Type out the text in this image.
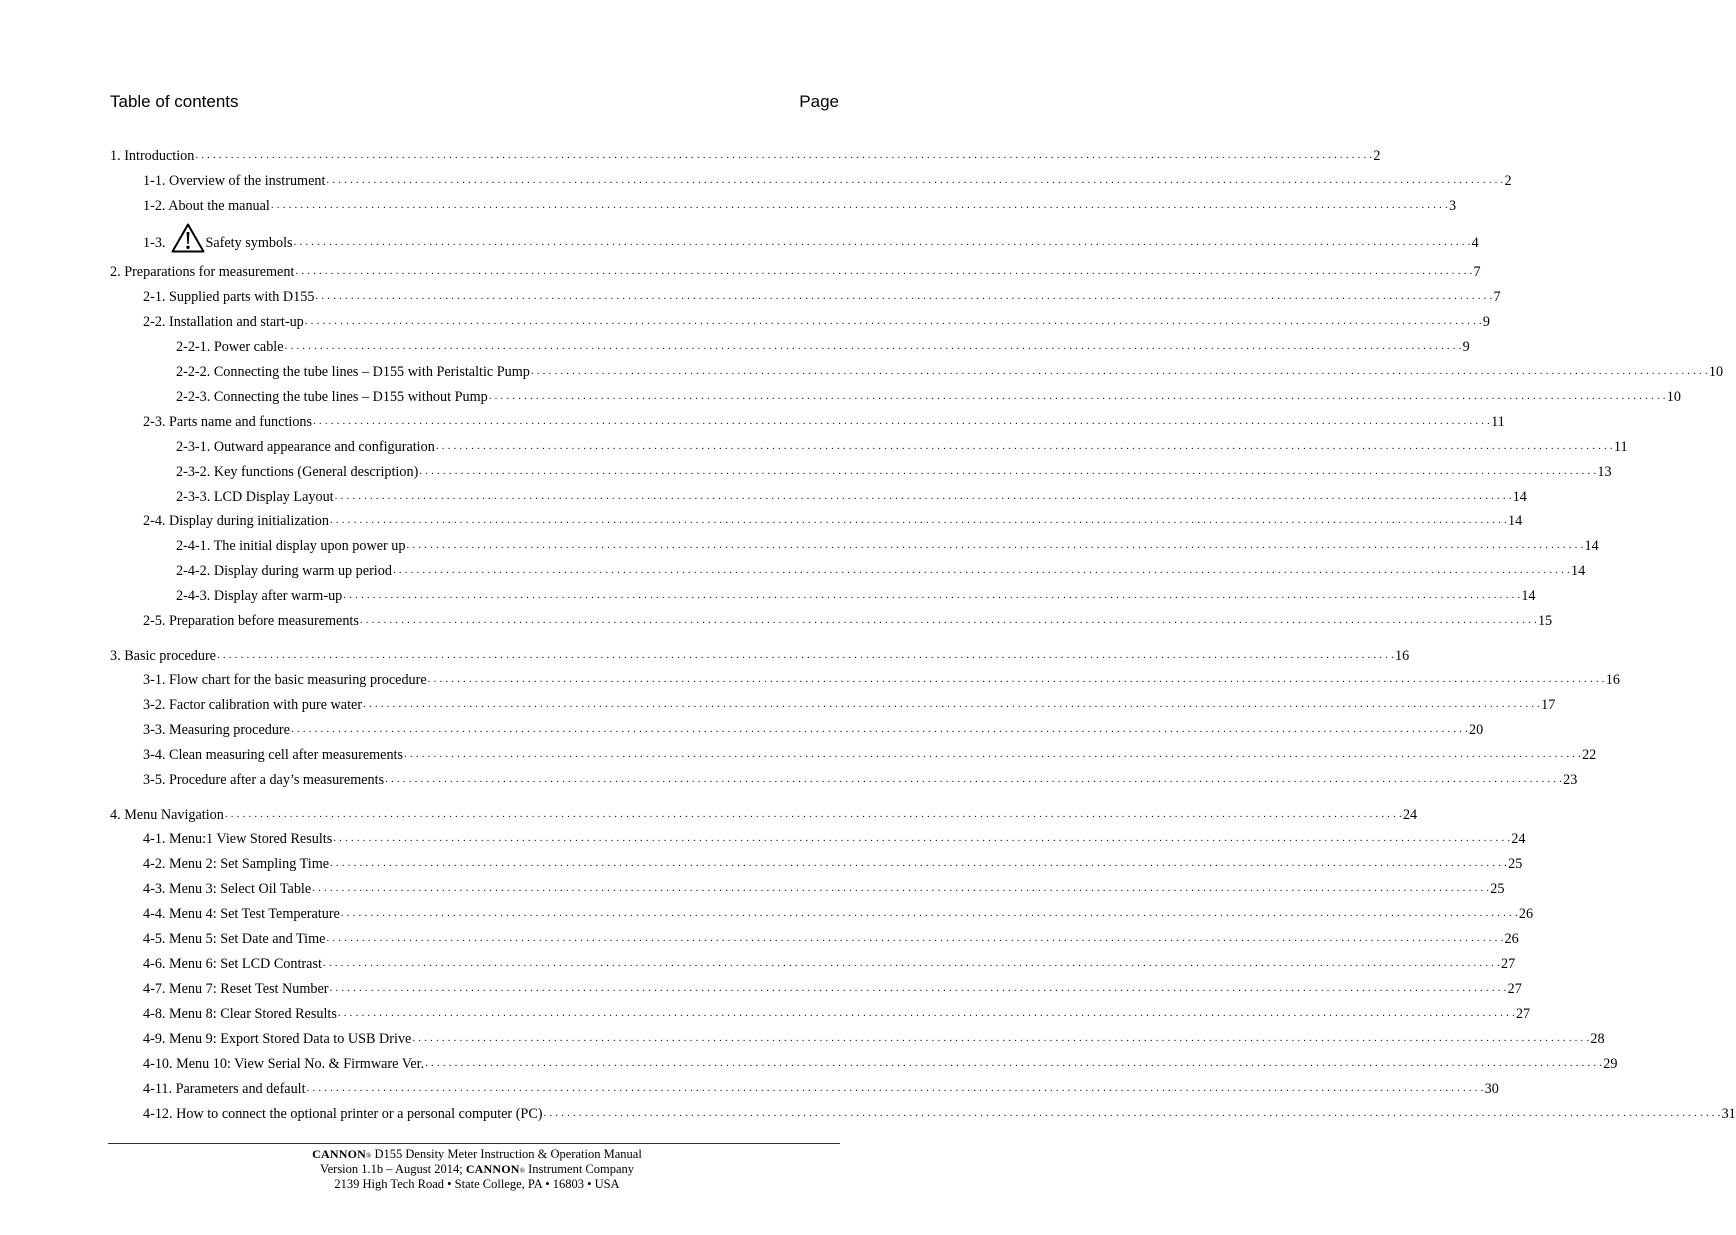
Table of contents	Page
1. Introduction . . . . . . . . . . . . . . . . . . . . . . . . . . . . . . . . . . . . . . . . . . . . . . . . . . . . . . . . . . . . . . . . . . . . . . . . . . . . . . . . . . . . . . . . . . . . . . . . . . . . . . . . . . . . . . . . . . . . . . . . . . . . . . . . . . . . . . . . . . . . . . . . . . . . . . . . . . . . . . . . . . . . . . . . . . . . . . . . . . . . . . . . . . . . . . . . . . . . . . . . 2
1-1. Overview of the instrument . . . . . . . . . . . . . . . . . . . . . . . . . . . . . . . . . . . . . . . . . . . . . . . . . . . . . . . . . . . . . . . . . . . . . . . . . . . . . . . . . . . . . . . . . . . . . . . . . . . . . . . . . . . . . . . . . . . . . . . . . . . . . . . . . . . . . . . . . . . . . . . . . . . . . . . . . . . . . . . . . . . . . . . . . . . . . . . . . . . . . . . . . . . . . . . . . . . . . . . . 2
1-2. About the manual . . . . . . . . . . . . . . . . . . . . . . . . . . . . . . . . . . . . . . . . . . . . . . . . . . . . . . . . . . . . . . . . . . . . . . . . . . . . . . . . . . . . . . . . . . . . . . . . . . . . . . . . . . . . . . . . . . . . . . . . . . . . . . . . . . . . . . . . . . . . . . . . . . . . . . . . . . . . . . . . . . . . . . . . . . . . . . . . . . . . . . . . . . . . . . . . . . . . . . . . 3
1-3.	Safety symbols . . . . . . . . . . . . . . . . . . . . . . . . . . . . . . . . . . . . . . . . . . . . . . . . . . . . . . . . . . . . . . . . . . . . . . . . . . . . . . . . . . . . . . . . . . . . . . . . . . . . . . . . . . . . . . . . . . . . . . . . . . . . . . . . . . . . . . . . . . . . . . . . . . . . . . . . . . . . . . . . . . . . . . . . . . . . . . . . . . . . . . . . . . . . . . . . . . . . . . . . 4
2. Preparations for measurement . . . . . . . . . . . . . . . . . . . . . . . . . . . . . . . . . . . . . . . . . . . . . . . . . . . . . . . . . . . . . . . . . . . . . . . . . . . . . . . . . . . . . . . . . . . . . . . . . . . . . . . . . . . . . . . . . . . . . . . . . . . . . . . . . . . . . . . . . . . . . . . . . . . . . . . . . . . . . . . . . . . . . . . . . . . . . . . . . . . . . . . . . . . . . . . . . . . . . . . . 7
2-1. Supplied parts with D155 . . . . . . . . . . . . . . . . . . . . . . . . . . . . . . . . . . . . . . . . . . . . . . . . . . . . . . . . . . . . . . . . . . . . . . . . . . . . . . . . . . . . . . . . . . . . . . . . . . . . . . . . . . . . . . . . . . . . . . . . . . . . . . . . . . . . . . . . . . . . . . . . . . . . . . . . . . . . . . . . . . . . . . . . . . . . . . . . . . . . . . . . . . . . . . . . . . . . . . . . 7
2-2. Installation and start-up . . . . . . . . . . . . . . . . . . . . . . . . . . . . . . . . . . . . . . . . . . . . . . . . . . . . . . . . . . . . . . . . . . . . . . . . . . . . . . . . . . . . . . . . . . . . . . . . . . . . . . . . . . . . . . . . . . . . . . . . . . . . . . . . . . . . . . . . . . . . . . . . . . . . . . . . . . . . . . . . . . . . . . . . . . . . . . . . . . . . . . . . . . . . . . . . . . . . . . . . 9
2-2-1. Power cable . . . . . . . . . . . . . . . . . . . . . . . . . . . . . . . . . . . . . . . . . . . . . . . . . . . . . . . . . . . . . . . . . . . . . . . . . . . . . . . . . . . . . . . . . . . . . . . . . . . . . . . . . . . . . . . . . . . . . . . . . . . . . . . . . . . . . . . . . . . . . . . . . . . . . . . . . . . . . . . . . . . . . . . . . . . . . . . . . . . . . . . . . . . . . . . . . . . . . . . . 9
2-2-2. Connecting the tube lines – D155 with Peristaltic Pump . . . . . . . . . . . . . . . . . . . . . . . . . . . . . . . . . . . . . . . . . . . . . . . . . . . . . . . . . . . . . . . . . . . . . . . . . . . . . . . . . . . . . . . . . . . . . . . . . . . . . . . . . . . . . . . . . . . . . . . . . . . . . . . . . . . . . . . . . . . . . . . . . . . . . . . . . . . . . . . . . . . . . . . . . . . . . . . . . . . . . . . . . . . . . . . . . . . . . . . . 10
2-2-3. Connecting the tube lines – D155 without Pump . . . . . . . . . . . . . . . . . . . . . . . . . . . . . . . . . . . . . . . . . . . . . . . . . . . . . . . . . . . . . . . . . . . . . . . . . . . . . . . . . . . . . . . . . . . . . . . . . . . . . . . . . . . . . . . . . . . . . . . . . . . . . . . . . . . . . . . . . . . . . . . . . . . . . . . . . . . . . . . . . . . . . . . . . . . . . . . . . . . . . . . . . . . . . . . . . . . . . . . . 10
2-3. Parts name and functions . . . . . . . . . . . . . . . . . . . . . . . . . . . . . . . . . . . . . . . . . . . . . . . . . . . . . . . . . . . . . . . . . . . . . . . . . . . . . . . . . . . . . . . . . . . . . . . . . . . . . . . . . . . . . . . . . . . . . . . . . . . . . . . . . . . . . . . . . . . . . . . . . . . . . . . . . . . . . . . . . . . . . . . . . . . . . . . . . . . . . . . . . . . . . . . . . . . . . . . . 11
2-3-1. Outward appearance and configuration . . . . . . . . . . . . . . . . . . . . . . . . . . . . . . . . . . . . . . . . . . . . . . . . . . . . . . . . . . . . . . . . . . . . . . . . . . . . . . . . . . . . . . . . . . . . . . . . . . . . . . . . . . . . . . . . . . . . . . . . . . . . . . . . . . . . . . . . . . . . . . . . . . . . . . . . . . . . . . . . . . . . . . . . . . . . . . . . . . . . . . . . . . . . . . . . . . . . . . . . 11
2-3-2. Key functions (General description) . . . . . . . . . . . . . . . . . . . . . . . . . . . . . . . . . . . . . . . . . . . . . . . . . . . . . . . . . . . . . . . . . . . . . . . . . . . . . . . . . . . . . . . . . . . . . . . . . . . . . . . . . . . . . . . . . . . . . . . . . . . . . . . . . . . . . . . . . . . . . . . . . . . . . . . . . . . . . . . . . . . . . . . . . . . . . . . . . . . . . . . . . . . . . . . . . . . . . . . . 13
2-3-3. LCD Display Layout . . . . . . . . . . . . . . . . . . . . . . . . . . . . . . . . . . . . . . . . . . . . . . . . . . . . . . . . . . . . . . . . . . . . . . . . . . . . . . . . . . . . . . . . . . . . . . . . . . . . . . . . . . . . . . . . . . . . . . . . . . . . . . . . . . . . . . . . . . . . . . . . . . . . . . . . . . . . . . . . . . . . . . . . . . . . . . . . . . . . . . . . . . . . . . . . . . . . . . . . 14
2-4. Display during initialization . . . . . . . . . . . . . . . . . . . . . . . . . . . . . . . . . . . . . . . . . . . . . . . . . . . . . . . . . . . . . . . . . . . . . . . . . . . . . . . . . . . . . . . . . . . . . . . . . . . . . . . . . . . . . . . . . . . . . . . . . . . . . . . . . . . . . . . . . . . . . . . . . . . . . . . . . . . . . . . . . . . . . . . . . . . . . . . . . . . . . . . . . . . . . . . . . . . . . . . . 14
2-4-1. The initial display upon power up . . . . . . . . . . . . . . . . . . . . . . . . . . . . . . . . . . . . . . . . . . . . . . . . . . . . . . . . . . . . . . . . . . . . . . . . . . . . . . . . . . . . . . . . . . . . . . . . . . . . . . . . . . . . . . . . . . . . . . . . . . . . . . . . . . . . . . . . . . . . . . . . . . . . . . . . . . . . . . . . . . . . . . . . . . . . . . . . . . . . . . . . . . . . . . . . . . . . . . . . 14
2-4-2. Display during warm up period . . . . . . . . . . . . . . . . . . . . . . . . . . . . . . . . . . . . . . . . . . . . . . . . . . . . . . . . . . . . . . . . . . . . . . . . . . . . . . . . . . . . . . . . . . . . . . . . . . . . . . . . . . . . . . . . . . . . . . . . . . . . . . . . . . . . . . . . . . . . . . . . . . . . . . . . . . . . . . . . . . . . . . . . . . . . . . . . . . . . . . . . . . . . . . . . . . . . . . . . 14
2-4-3. Display after warm-up . . . . . . . . . . . . . . . . . . . . . . . . . . . . . . . . . . . . . . . . . . . . . . . . . . . . . . . . . . . . . . . . . . . . . . . . . . . . . . . . . . . . . . . . . . . . . . . . . . . . . . . . . . . . . . . . . . . . . . . . . . . . . . . . . . . . . . . . . . . . . . . . . . . . . . . . . . . . . . . . . . . . . . . . . . . . . . . . . . . . . . . . . . . . . . . . . . . . . . . . 14
2-5. Preparation before measurements . . . . . . . . . . . . . . . . . . . . . . . . . . . . . . . . . . . . . . . . . . . . . . . . . . . . . . . . . . . . . . . . . . . . . . . . . . . . . . . . . . . . . . . . . . . . . . . . . . . . . . . . . . . . . . . . . . . . . . . . . . . . . . . . . . . . . . . . . . . . . . . . . . . . . . . . . . . . . . . . . . . . . . . . . . . . . . . . . . . . . . . . . . . . . . . . . . . . . . . . 15
3. Basic procedure . . . . . . . . . . . . . . . . . . . . . . . . . . . . . . . . . . . . . . . . . . . . . . . . . . . . . . . . . . . . . . . . . . . . . . . . . . . . . . . . . . . . . . . . . . . . . . . . . . . . . . . . . . . . . . . . . . . . . . . . . . . . . . . . . . . . . . . . . . . . . . . . . . . . . . . . . . . . . . . . . . . . . . . . . . . . . . . . . . . . . . . . . . . . . . . . . . . . . . . . 16
3-1. Flow chart for the basic measuring procedure . . . . . . . . . . . . . . . . . . . . . . . . . . . . . . . . . . . . . . . . . . . . . . . . . . . . . . . . . . . . . . . . . . . . . . . . . . . . . . . . . . . . . . . . . . . . . . . . . . . . . . . . . . . . . . . . . . . . . . . . . . . . . . . . . . . . . . . . . . . . . . . . . . . . . . . . . . . . . . . . . . . . . . . . . . . . . . . . . . . . . . . . . . . . . . . . . . . . . . . . 16
3-2. Factor calibration with pure water . . . . . . . . . . . . . . . . . . . . . . . . . . . . . . . . . . . . . . . . . . . . . . . . . . . . . . . . . . . . . . . . . . . . . . . . . . . . . . . . . . . . . . . . . . . . . . . . . . . . . . . . . . . . . . . . . . . . . . . . . . . . . . . . . . . . . . . . . . . . . . . . . . . . . . . . . . . . . . . . . . . . . . . . . . . . . . . . . . . . . . . . . . . . . . . . . . . . . . . . 17
3-3. Measuring procedure . . . . . . . . . . . . . . . . . . . . . . . . . . . . . . . . . . . . . . . . . . . . . . . . . . . . . . . . . . . . . . . . . . . . . . . . . . . . . . . . . . . . . . . . . . . . . . . . . . . . . . . . . . . . . . . . . . . . . . . . . . . . . . . . . . . . . . . . . . . . . . . . . . . . . . . . . . . . . . . . . . . . . . . . . . . . . . . . . . . . . . . . . . . . . . . . . . . . . . . . 20
3-4. Clean measuring cell after measurements . . . . . . . . . . . . . . . . . . . . . . . . . . . . . . . . . . . . . . . . . . . . . . . . . . . . . . . . . . . . . . . . . . . . . . . . . . . . . . . . . . . . . . . . . . . . . . . . . . . . . . . . . . . . . . . . . . . . . . . . . . . . . . . . . . . . . . . . . . . . . . . . . . . . . . . . . . . . . . . . . . . . . . . . . . . . . . . . . . . . . . . . . . . . . . . . . . . . . . . . 22
3-5. Procedure after a day’s measurements . . . . . . . . . . . . . . . . . . . . . . . . . . . . . . . . . . . . . . . . . . . . . . . . . . . . . . . . . . . . . . . . . . . . . . . . . . . . . . . . . . . . . . . . . . . . . . . . . . . . . . . . . . . . . . . . . . . . . . . . . . . . . . . . . . . . . . . . . . . . . . . . . . . . . . . . . . . . . . . . . . . . . . . . . . . . . . . . . . . . . . . . . . . . . . . . . . . . . . . . 23
4. Menu Navigation . . . . . . . . . . . . . . . . . . . . . . . . . . . . . . . . . . . . . . . . . . . . . . . . . . . . . . . . . . . . . . . . . . . . . . . . . . . . . . . . . . . . . . . . . . . . . . . . . . . . . . . . . . . . . . . . . . . . . . . . . . . . . . . . . . . . . . . . . . . . . . . . . . . . . . . . . . . . . . . . . . . . . . . . . . . . . . . . . . . . . . . . . . . . . . . . . . . . . . . . 24
4-1. Menu:1 View Stored Results . . . . . . . . . . . . . . . . . . . . . . . . . . . . . . . . . . . . . . . . . . . . . . . . . . . . . . . . . . . . . . . . . . . . . . . . . . . . . . . . . . . . . . . . . . . . . . . . . . . . . . . . . . . . . . . . . . . . . . . . . . . . . . . . . . . . . . . . . . . . . . . . . . . . . . . . . . . . . . . . . . . . . . . . . . . . . . . . . . . . . . . . . . . . . . . . . . . . . . . . 24
4-2. Menu 2: Set Sampling Time . . . . . . . . . . . . . . . . . . . . . . . . . . . . . . . . . . . . . . . . . . . . . . . . . . . . . . . . . . . . . . . . . . . . . . . . . . . . . . . . . . . . . . . . . . . . . . . . . . . . . . . . . . . . . . . . . . . . . . . . . . . . . . . . . . . . . . . . . . . . . . . . . . . . . . . . . . . . . . . . . . . . . . . . . . . . . . . . . . . . . . . . . . . . . . . . . . . . . . . . 25
4-3. Menu 3: Select Oil Table . . . . . . . . . . . . . . . . . . . . . . . . . . . . . . . . . . . . . . . . . . . . . . . . . . . . . . . . . . . . . . . . . . . . . . . . . . . . . . . . . . . . . . . . . . . . . . . . . . . . . . . . . . . . . . . . . . . . . . . . . . . . . . . . . . . . . . . . . . . . . . . . . . . . . . . . . . . . . . . . . . . . . . . . . . . . . . . . . . . . . . . . . . . . . . . . . . . . . . . . 25
4-4. Menu 4: Set Test Temperature . . . . . . . . . . . . . . . . . . . . . . . . . . . . . . . . . . . . . . . . . . . . . . . . . . . . . . . . . . . . . . . . . . . . . . . . . . . . . . . . . . . . . . . . . . . . . . . . . . . . . . . . . . . . . . . . . . . . . . . . . . . . . . . . . . . . . . . . . . . . . . . . . . . . . . . . . . . . . . . . . . . . . . . . . . . . . . . . . . . . . . . . . . . . . . . . . . . . . . . . 26
4-5. Menu 5: Set Date and Time . . . . . . . . . . . . . . . . . . . . . . . . . . . . . . . . . . . . . . . . . . . . . . . . . . . . . . . . . . . . . . . . . . . . . . . . . . . . . . . . . . . . . . . . . . . . . . . . . . . . . . . . . . . . . . . . . . . . . . . . . . . . . . . . . . . . . . . . . . . . . . . . . . . . . . . . . . . . . . . . . . . . . . . . . . . . . . . . . . . . . . . . . . . . . . . . . . . . . . . . 26
4-6. Menu 6: Set LCD Contrast . . . . . . . . . . . . . . . . . . . . . . . . . . . . . . . . . . . . . . . . . . . . . . . . . . . . . . . . . . . . . . . . . . . . . . . . . . . . . . . . . . . . . . . . . . . . . . . . . . . . . . . . . . . . . . . . . . . . . . . . . . . . . . . . . . . . . . . . . . . . . . . . . . . . . . . . . . . . . . . . . . . . . . . . . . . . . . . . . . . . . . . . . . . . . . . . . . . . . . . . 27
4-7. Menu 7: Reset Test Number . . . . . . . . . . . . . . . . . . . . . . . . . . . . . . . . . . . . . . . . . . . . . . . . . . . . . . . . . . . . . . . . . . . . . . . . . . . . . . . . . . . . . . . . . . . . . . . . . . . . . . . . . . . . . . . . . . . . . . . . . . . . . . . . . . . . . . . . . . . . . . . . . . . . . . . . . . . . . . . . . . . . . . . . . . . . . . . . . . . . . . . . . . . . . . . . . . . . . . . . 27
4-8. Menu 8: Clear Stored Results . . . . . . . . . . . . . . . . . . . . . . . . . . . . . . . . . . . . . . . . . . . . . . . . . . . . . . . . . . . . . . . . . . . . . . . . . . . . . . . . . . . . . . . . . . . . . . . . . . . . . . . . . . . . . . . . . . . . . . . . . . . . . . . . . . . . . . . . . . . . . . . . . . . . . . . . . . . . . . . . . . . . . . . . . . . . . . . . . . . . . . . . . . . . . . . . . . . . . . . . 27
4-9. Menu 9: Export Stored Data to USB Drive . . . . . . . . . . . . . . . . . . . . . . . . . . . . . . . . . . . . . . . . . . . . . . . . . . . . . . . . . . . . . . . . . . . . . . . . . . . . . . . . . . . . . . . . . . . . . . . . . . . . . . . . . . . . . . . . . . . . . . . . . . . . . . . . . . . . . . . . . . . . . . . . . . . . . . . . . . . . . . . . . . . . . . . . . . . . . . . . . . . . . . . . . . . . . . . . . . . . . . . . 28
4-10. Menu 10: View Serial No. & Firmware Ver. . . . . . . . . . . . . . . . . . . . . . . . . . . . . . . . . . . . . . . . . . . . . . . . . . . . . . . . . . . . . . . . . . . . . . . . . . . . . . . . . . . . . . . . . . . . . . . . . . . . . . . . . . . . . . . . . . . . . . . . . . . . . . . . . . . . . . . . . . . . . . . . . . . . . . . . . . . . . . . . . . . . . . . . . . . . . . . . . . . . . . . . . . . . . . . . . . . . . . . . . 29
4-11. Parameters and default . . . . . . . . . . . . . . . . . . . . . . . . . . . . . . . . . . . . . . . . . . . . . . . . . . . . . . . . . . . . . . . . . . . . . . . . . . . . . . . . . . . . . . . . . . . . . . . . . . . . . . . . . . . . . . . . . . . . . . . . . . . . . . . . . . . . . . . . . . . . . . . . . . . . . . . . . . . . . . . . . . . . . . . . . . . . . . . . . . . . . . . . . . . . . . . . . . . . . . . . 30
4-12. How to connect the optional printer or a personal computer (PC) . . . . . . . . . . . . . . . . . . . . . . . . . . . . . . . . . . . . . . . . . . . . . . . . . . . . . . . . . . . . . . . . . . . . . . . . . . . . . . . . . . . . . . . . . . . . . . . . . . . . . . . . . . . . . . . . . . . . . . . . . . . . . . . . . . . . . . . . . . . . . . . . . . . . . . . . . . . . . . . . . . . . . . . . . . . . . . . . . . . . . . . . . . . . . . . . . . . . . . . . 31
CANNON® D155 Density Meter Instruction & Operation Manual
Version 1.1b – August 2014; CANNON® Instrument Company
2139 High Tech Road • State College, PA • 16803 • USA
